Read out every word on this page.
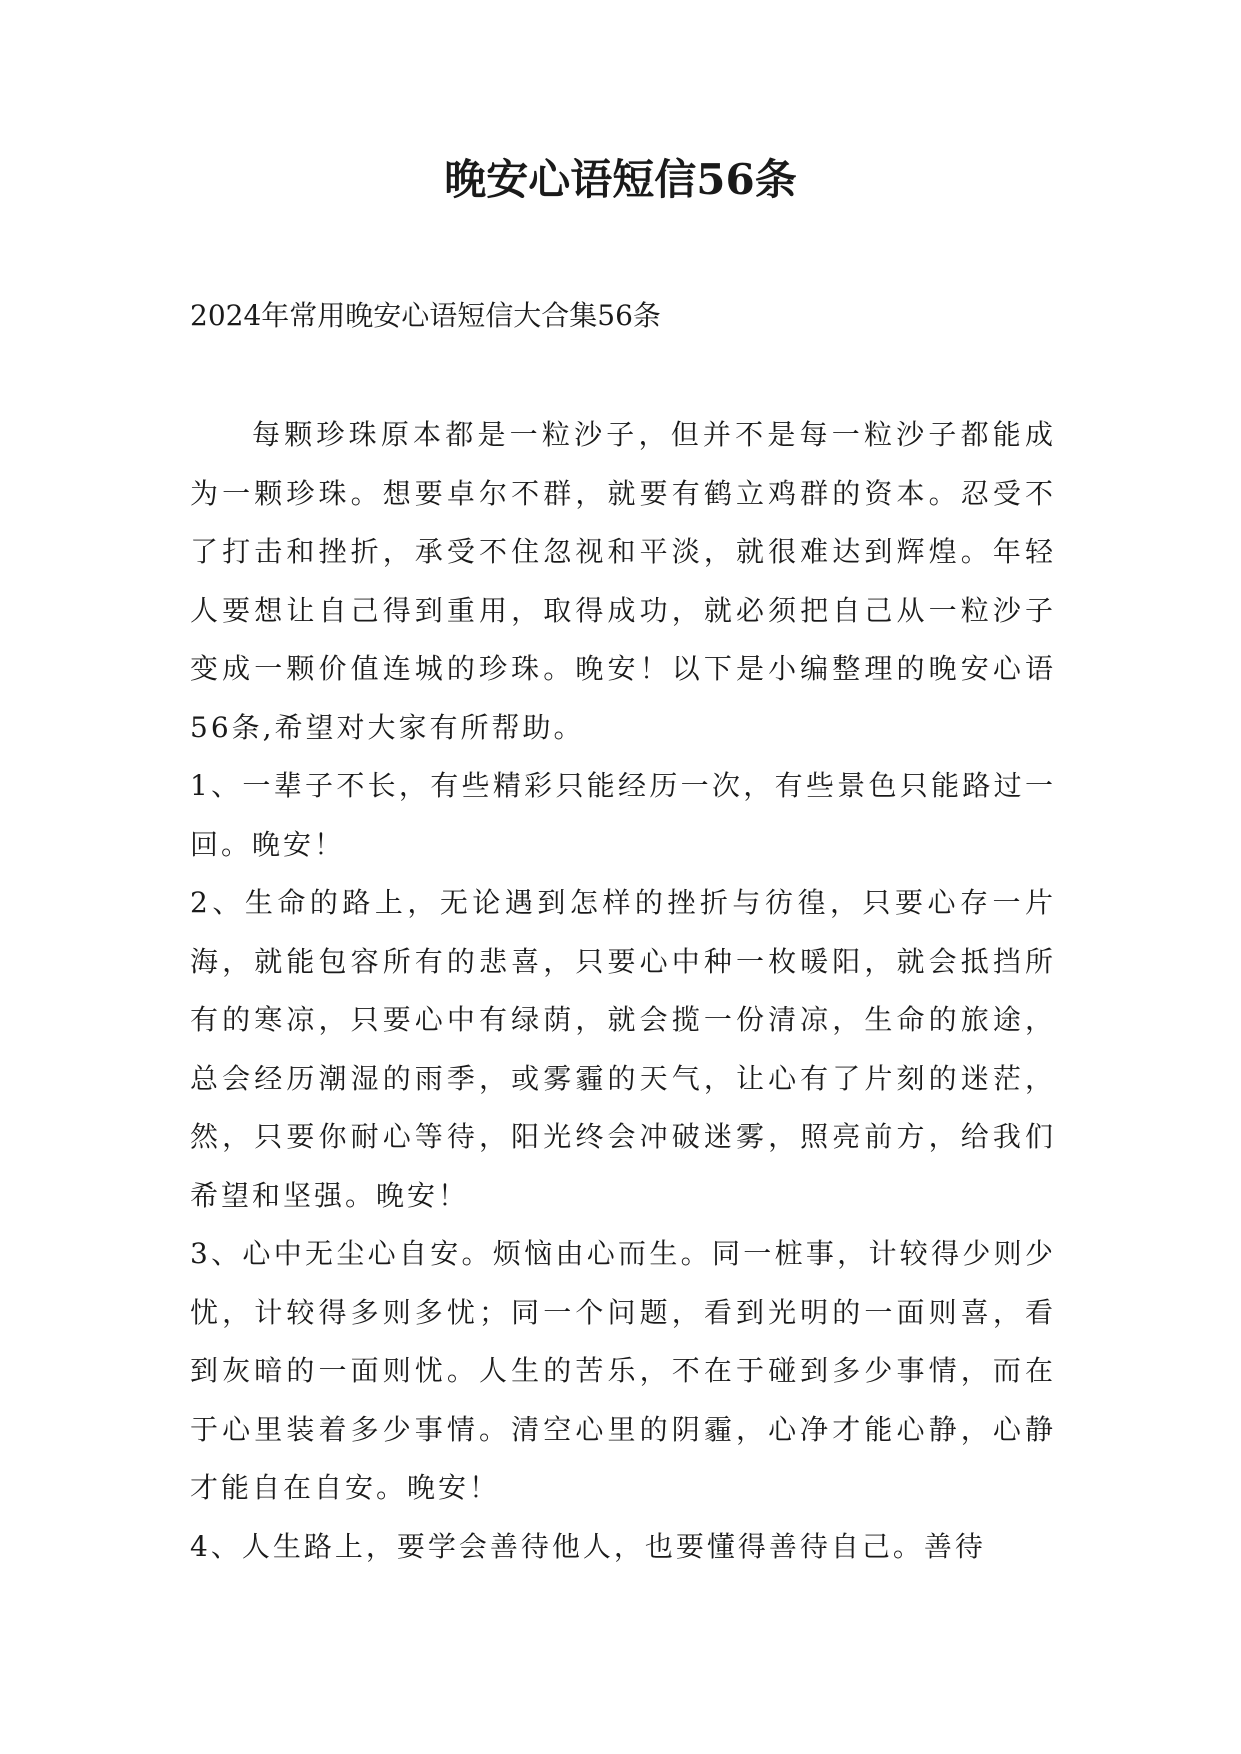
晚安心语短信56条

2024年常用晚安心语短信大合集56条

每颗珍珠原本都是一粒沙子，但并不是每一粒沙子都能成为一颗珍珠。想要卓尔不群，就要有鹤立鸡群的资本。忍受不了打击和挫折，承受不住忽视和平淡，就很难达到辉煌。年轻人要想让自己得到重用，取得成功，就必须把自己从一粒沙子变成一颗价值连城的珍珠。晚安！以下是小编整理的晚安心语56条,希望对大家有所帮助。

1、一辈子不长，有些精彩只能经历一次，有些景色只能路过一回。晚安！

2、生命的路上，无论遇到怎样的挫折与彷徨，只要心存一片海，就能包容所有的悲喜，只要心中种一枚暖阳，就会抵挡所有的寒凉，只要心中有绿荫，就会揽一份清凉，生命的旅途，总会经历潮湿的雨季，或雾霾的天气，让心有了片刻的迷茫，然，只要你耐心等待，阳光终会冲破迷雾，照亮前方，给我们希望和坚强。晚安！

3、心中无尘心自安。烦恼由心而生。同一桩事，计较得少则少忧，计较得多则多忧；同一个问题，看到光明的一面则喜，看到灰暗的一面则忧。人生的苦乐，不在于碰到多少事情，而在于心里装着多少事情。清空心里的阴霾，心净才能心静，心静才能自在自安。晚安！

4、人生路上，要学会善待他人，也要懂得善待自己。善待
